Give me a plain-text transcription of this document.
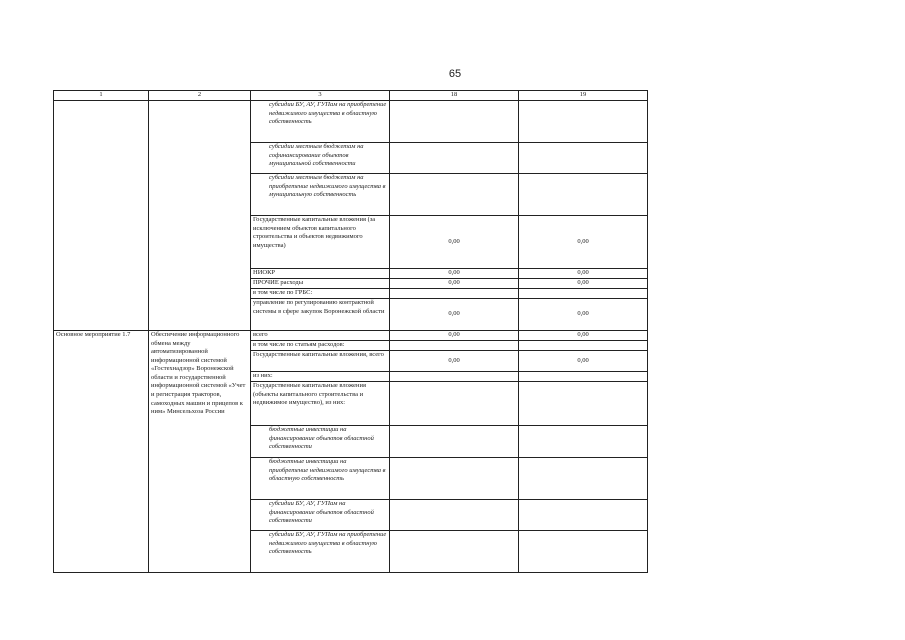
65
1	2	3	18	19
		субсидии БУ, АУ, ГУПам на приобретение недвижимого имущества в областную собственность		
		субсидии местным бюджетам на софинансирование объектов муниципальной собственности		
		субсидии местным бюджетам на приобретение недвижимого имущества в муниципальную собственность		
		Государственные капитальные вложения (за исключением объектов капитального строительства и объектов недвижимого имущества)	0,00	0,00
		НИОКР	0,00	0,00
		ПРОЧИЕ расходы	0,00	0,00
		в том числе по ГРБС:		
		управление по регулированию контрактной системы в сфере закупок Воронежской области	0,00	0,00
Основное мероприятие 1.7	Обеспечение информационного обмена между автоматизированной информационной системой «Гостехнадзор» Воронежской области и государственной информационной системой «Учет и регистрация тракторов, самоходных машин и прицепов к ним» Минсельхоза России	всего	0,00	0,00
		в том числе по статьям расходов:		
		Государственные капитальные вложения, всего	0,00	0,00
		из них:		
		Государственные капитальные вложения (объекты капитального строительства и недвижимое имущество), из них:		
		бюджетные инвестиции на финансирование объектов областной собственности		
		бюджетные инвестиции на приобретение недвижимого имущества в областную собственность		
		субсидии БУ, АУ, ГУПам на финансирование объектов областной собственности		
		субсидии БУ, АУ, ГУПам на приобретение недвижимого имущества в областную собственность		
